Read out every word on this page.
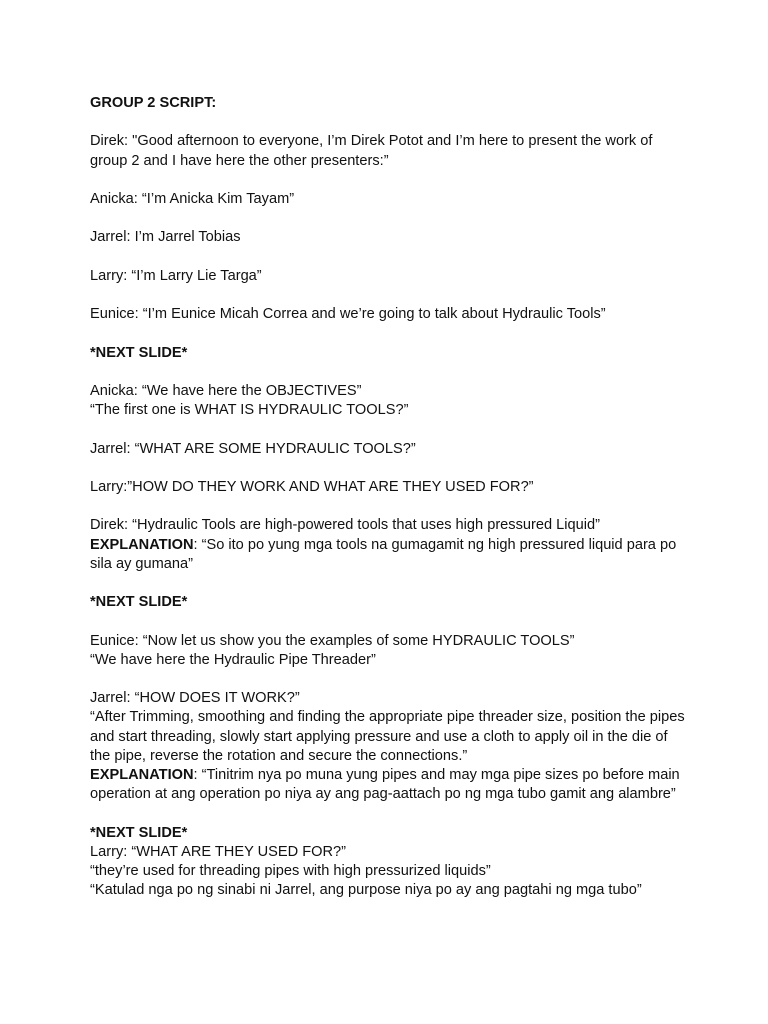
GROUP 2 SCRIPT:

Direk: "Good afternoon to everyone, I’m Direk Potot and I’m here to present the work of group 2 and I have here the other presenters:”

Anicka: “I’m Anicka Kim Tayam”

Jarrel: I’m Jarrel Tobias

Larry: “I’m Larry Lie Targa”

Eunice: “I’m Eunice Micah Correa and we’re going to talk about Hydraulic Tools”

*NEXT SLIDE*

Anicka: “We have here the OBJECTIVES”
“The first one is WHAT IS HYDRAULIC TOOLS?”

Jarrel: “WHAT ARE SOME HYDRAULIC TOOLS?”

Larry:”HOW DO THEY WORK AND WHAT ARE THEY USED FOR?”

Direk: “Hydraulic Tools are high-powered tools that uses high pressured Liquid”
EXPLANATION: “So ito po yung mga tools na gumagamit ng high pressured liquid para po sila ay gumana”

*NEXT SLIDE*

Eunice: “Now let us show you the examples of some HYDRAULIC TOOLS”
“We have here the Hydraulic Pipe Threader”

Jarrel: “HOW DOES IT WORK?”
“After Trimming, smoothing and finding the appropriate pipe threader size, position the pipes and start threading, slowly start applying pressure and use a cloth to apply oil in the die of the pipe, reverse the rotation and secure the connections.”
EXPLANATION: “Tinitrim nya po muna yung pipes and may mga pipe sizes po before main operation at ang operation po niya ay ang pag-aattach po ng mga tubo gamit ang alambre”

*NEXT SLIDE*

Larry: “WHAT ARE THEY USED FOR?”
“they’re used for threading pipes with high pressurized liquids”
“Katulad nga po ng sinabi ni Jarrel, ang purpose niya po ay ang pagtahi ng mga tubo”
